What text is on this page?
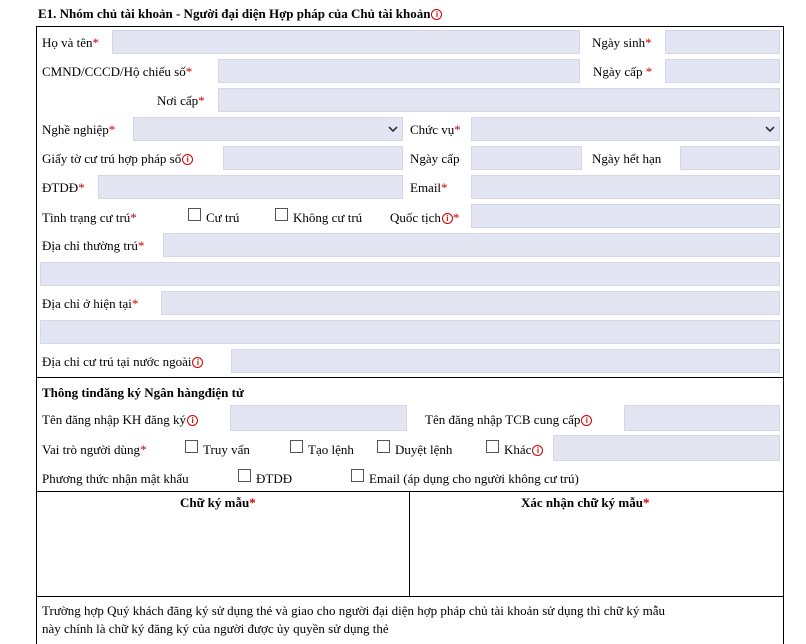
E1. Nhóm chủ tài khoản - Người đại diện Hợp pháp của Chủ tài khoản i
Họ và tên*	Ngày sinh*
CMND/CCCD/Hộ chiếu số*	Ngày cấp *
Nơi cấp*
Nghề nghiệp*	Chức vụ*
Giấy tờ cư trú hợp pháp số i	Ngày cấp	Ngày hết hạn
ĐTDĐ*	Email*
Tình trạng cư trú*	Cư trú	Không cư trú Quốc tịch i *
Địa chỉ thường trú*
Địa chỉ ở hiện tại*
Địa chỉ cư trú tại nước ngoài i
Thông tinđăng ký Ngân hàngđiện tử
Tên đăng nhập KH đăng ký i	Tên đăng nhập TCB cung cấp i
Vai trò người dùng*	Truy vấn	Tạo lệnh	Duyệt lệnh	Khác i
Phương thức nhận mật khẩu	ĐTDĐ	Email (áp dụng cho người không cư trú)
Chữ ký mẫu*	Xác nhận chữ ký mẫu*
Trường hợp Quý khách đăng ký sử dụng thẻ và giao cho người đại diện hợp pháp chủ tài khoản sử dụng thì chữ ký mẫu
này chính là chữ ký đăng ký của người được ủy quyền sử dụng thẻ
